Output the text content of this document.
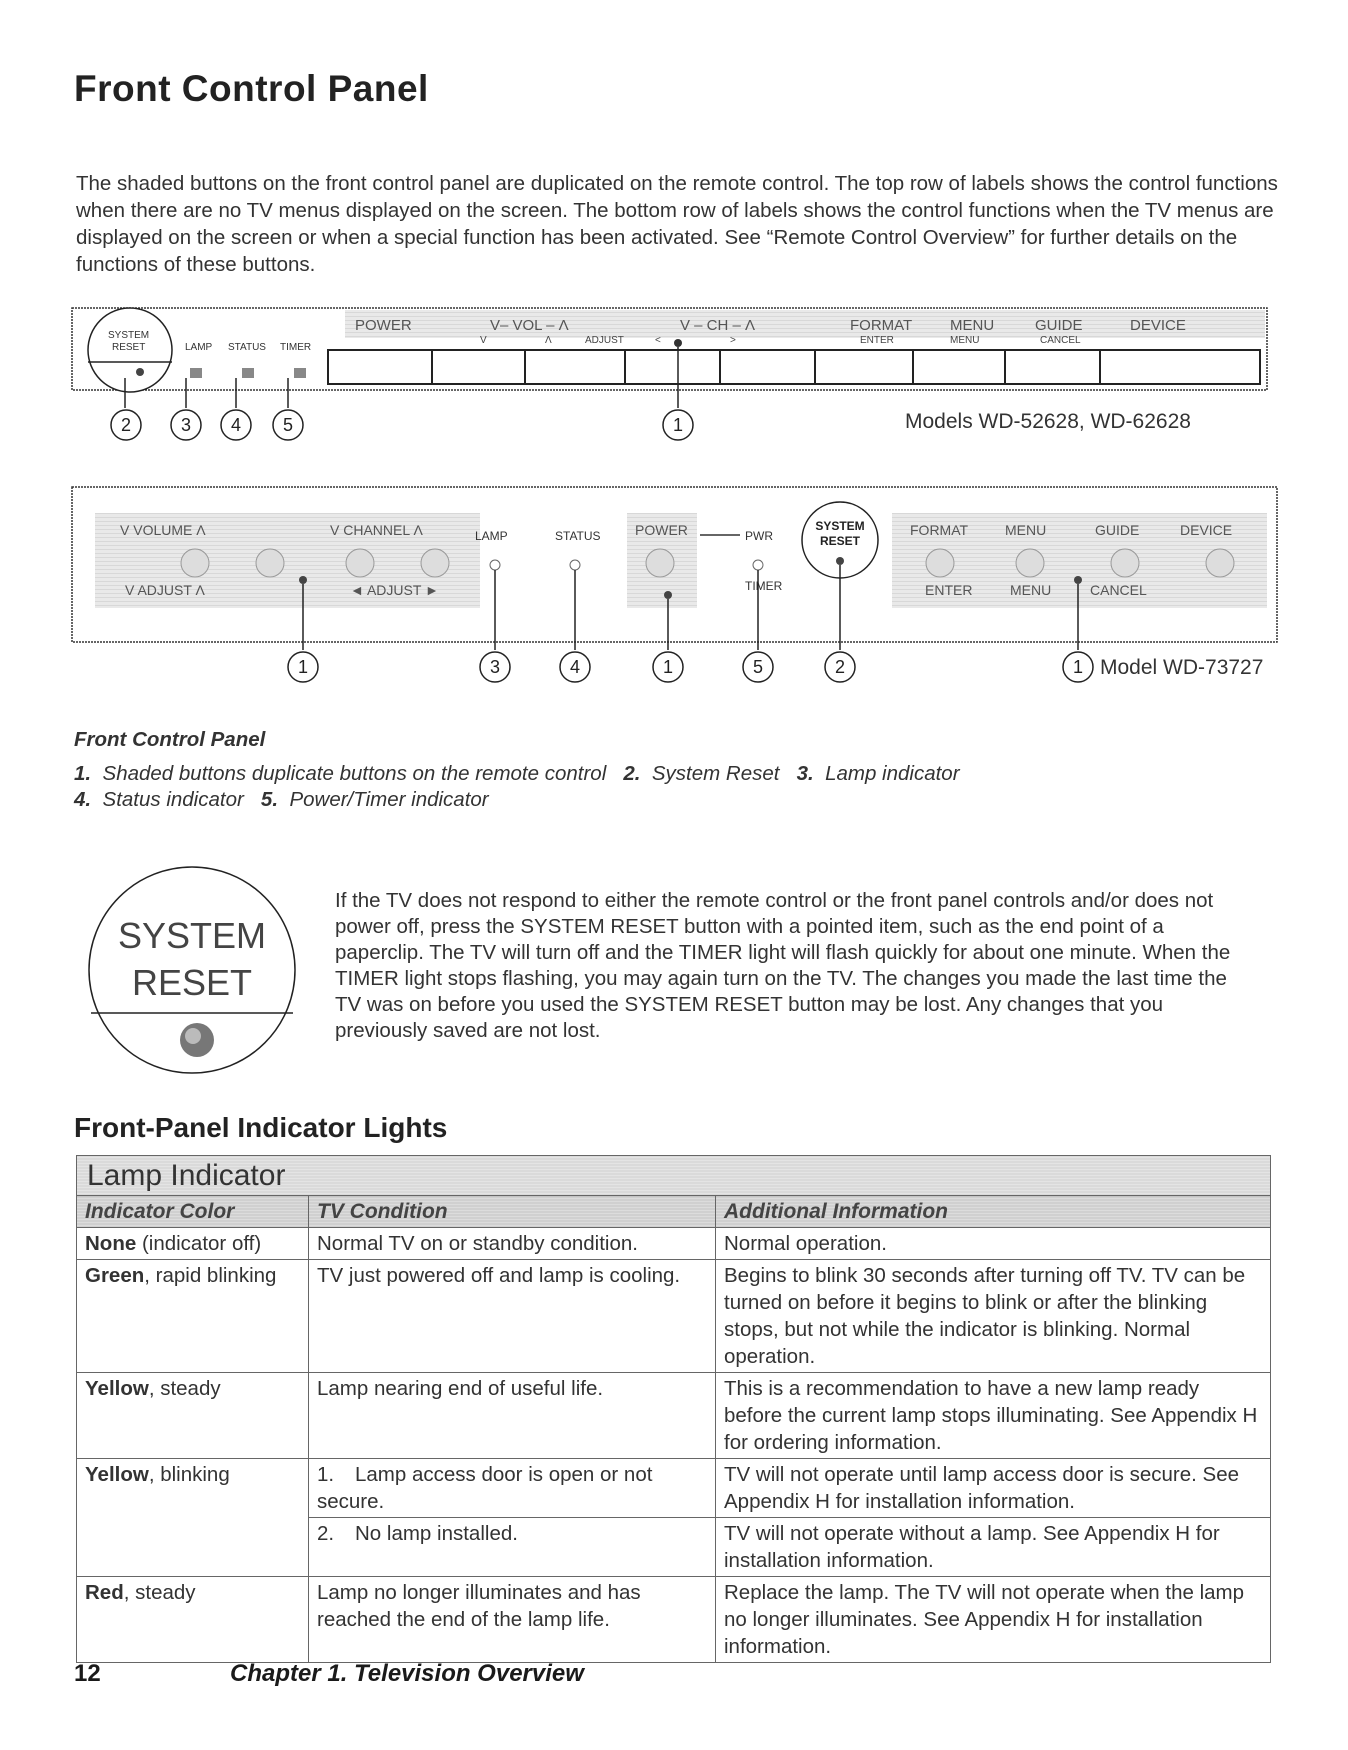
Front Control Panel
The shaded buttons on the front control panel are duplicated on the remote control. The top row of labels shows the control functions when there are no TV menus displayed on the screen. The bottom row of labels shows the control functions when the TV menus are displayed on the screen or when a special function has been activated. See “Remote Control Overview” for further details on the functions of these buttons.
SYSTEM
RESET	LAMP STATUS TIMER
POWER	V– VOL – Λ	V – CH – Λ	FORMAT	MENU	GUIDE	DEVICE
V	Λ	ADJUST	<	>	ENTER	MENU	CANCEL
2	3 4 5	1	Models WD-52628, WD-62628
V VOLUME Λ	V CHANNEL Λ
V ADJUST Λ	◄ ADJUST ►
POWER	FORMAT	MENU	GUIDE	DEVICE
ENTER	MENU	CANCEL
LAMP	STATUS	PWR
TIMER
SYSTEM
RESET
1	3	4	1	5	2	1 Model WD-73727
Front Control Panel
1. Shaded buttons duplicate buttons on the remote control 2. System Reset 3. Lamp indicator
4. Status indicator 5. Power/Timer indicator
SYSTEM
RESET
If the TV does not respond to either the remote control or the front panel controls and/or does not power off, press the SYSTEM RESET button with a pointed item, such as the end point of a paperclip. The TV will turn off and the TIMER light will flash quickly for about one minute. When the TIMER light stops flashing, you may again turn on the TV. The changes you made the last time the TV was on before you used the SYSTEM RESET button may be lost. Any changes that you previously saved are not lost.
Front-Panel Indicator Lights
Lamp Indicator		
Indicator Color	TV Condition	Additional Information
None (indicator off)	Normal TV on or standby condition.	Normal operation.
Green, rapid blinking	TV just powered off and lamp is cooling.	Begins to blink 30 seconds after turning off TV. TV can be turned on before it begins to blink or after the blinking stops, but not while the indicator is blinking. Normal operation.
Yellow, steady	Lamp nearing end of useful life.	This is a recommendation to have a new lamp ready before the current lamp stops illuminating. See Appendix H for ordering information.
Yellow, blinking	1. Lamp access door is open or not secure.	TV will not operate until lamp access door is secure. See Appendix H for installation information.
	2. No lamp installed.	TV will not operate without a lamp. See Appendix H for installation information.
Red, steady	Lamp no longer illuminates and has reached the end of the lamp life.	Replace the lamp. The TV will not operate when the lamp no longer illuminates. See Appendix H for installation information.
12	Chapter 1. Television Overview
